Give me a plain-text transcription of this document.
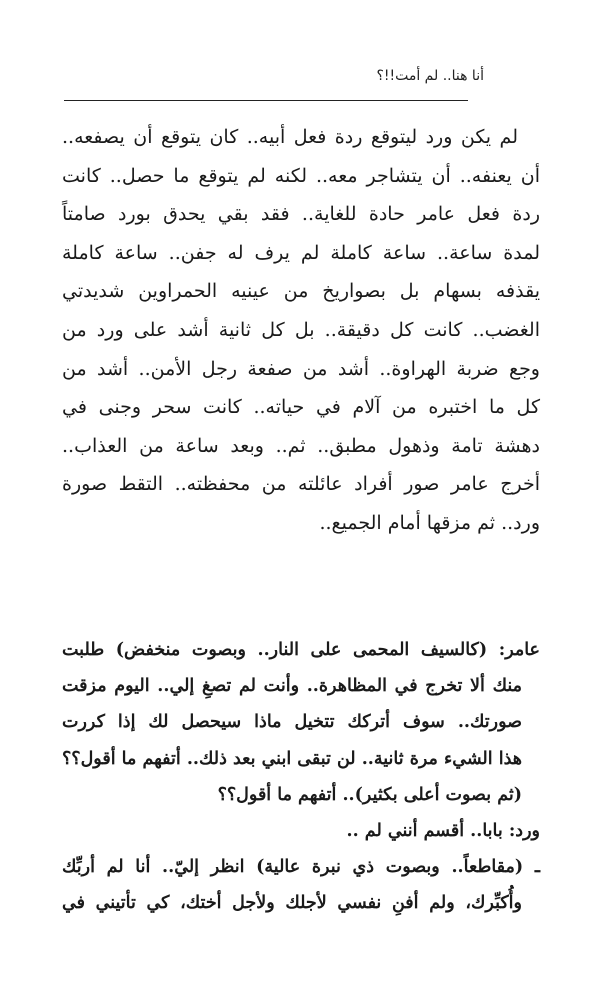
أنا هنا.. لم أمت!!؟
لم يكن ورد ليتوقع ردة فعل أبيه.. كان يتوقع أن يصفعه..
أن يعنفه.. أن يتشاجر معه.. لكنه لم يتوقع ما حصل.. كانت
ردة فعل عامر حادة للغاية.. فقد بقي يحدق بورد صامتاً
لمدة ساعة.. ساعة كاملة لم يرف له جفن.. ساعة كاملة
يقذفه بسهام بل بصواريخ من عينيه الحمراوين شديدتي
الغضب.. كانت كل دقيقة.. بل كل ثانية أشد على ورد من
وجع ضربة الهراوة.. أشد من صفعة رجل الأمن.. أشد من
كل ما اختبره من آلام في حياته.. كانت سحر وجنى في
دهشة تامة وذهول مطبق.. ثم.. وبعد ساعة من العذاب..
أخرج عامر صور أفراد عائلته من محفظته.. التقط صورة
ورد.. ثم مزقها أمام الجميع..
عامر: (كالسيف المحمى على النار.. وبصوت منخفض) طلبت
منك ألا تخرج في المظاهرة.. وأنت لم تصغِ إلي.. اليوم مزقت
صورتك.. سوف أتركك تتخيل ماذا سيحصل لك إذا كررت
هذا الشيء مرة ثانية.. لن تبقى ابني بعد ذلك.. أتفهم ما أقول؟؟
(ثم بصوت أعلى بكثير).. أتفهم ما أقول؟؟
ورد: بابا.. أقسم أنني لم ..
ـ (مقاطعاً.. وبصوت ذي نبرة عالية) انظر إليّ.. أنا لم أربِّك
وأُكبِّرك، ولم أفنِ نفسي لأجلك ولأجل أختك، كي تأتيني في
